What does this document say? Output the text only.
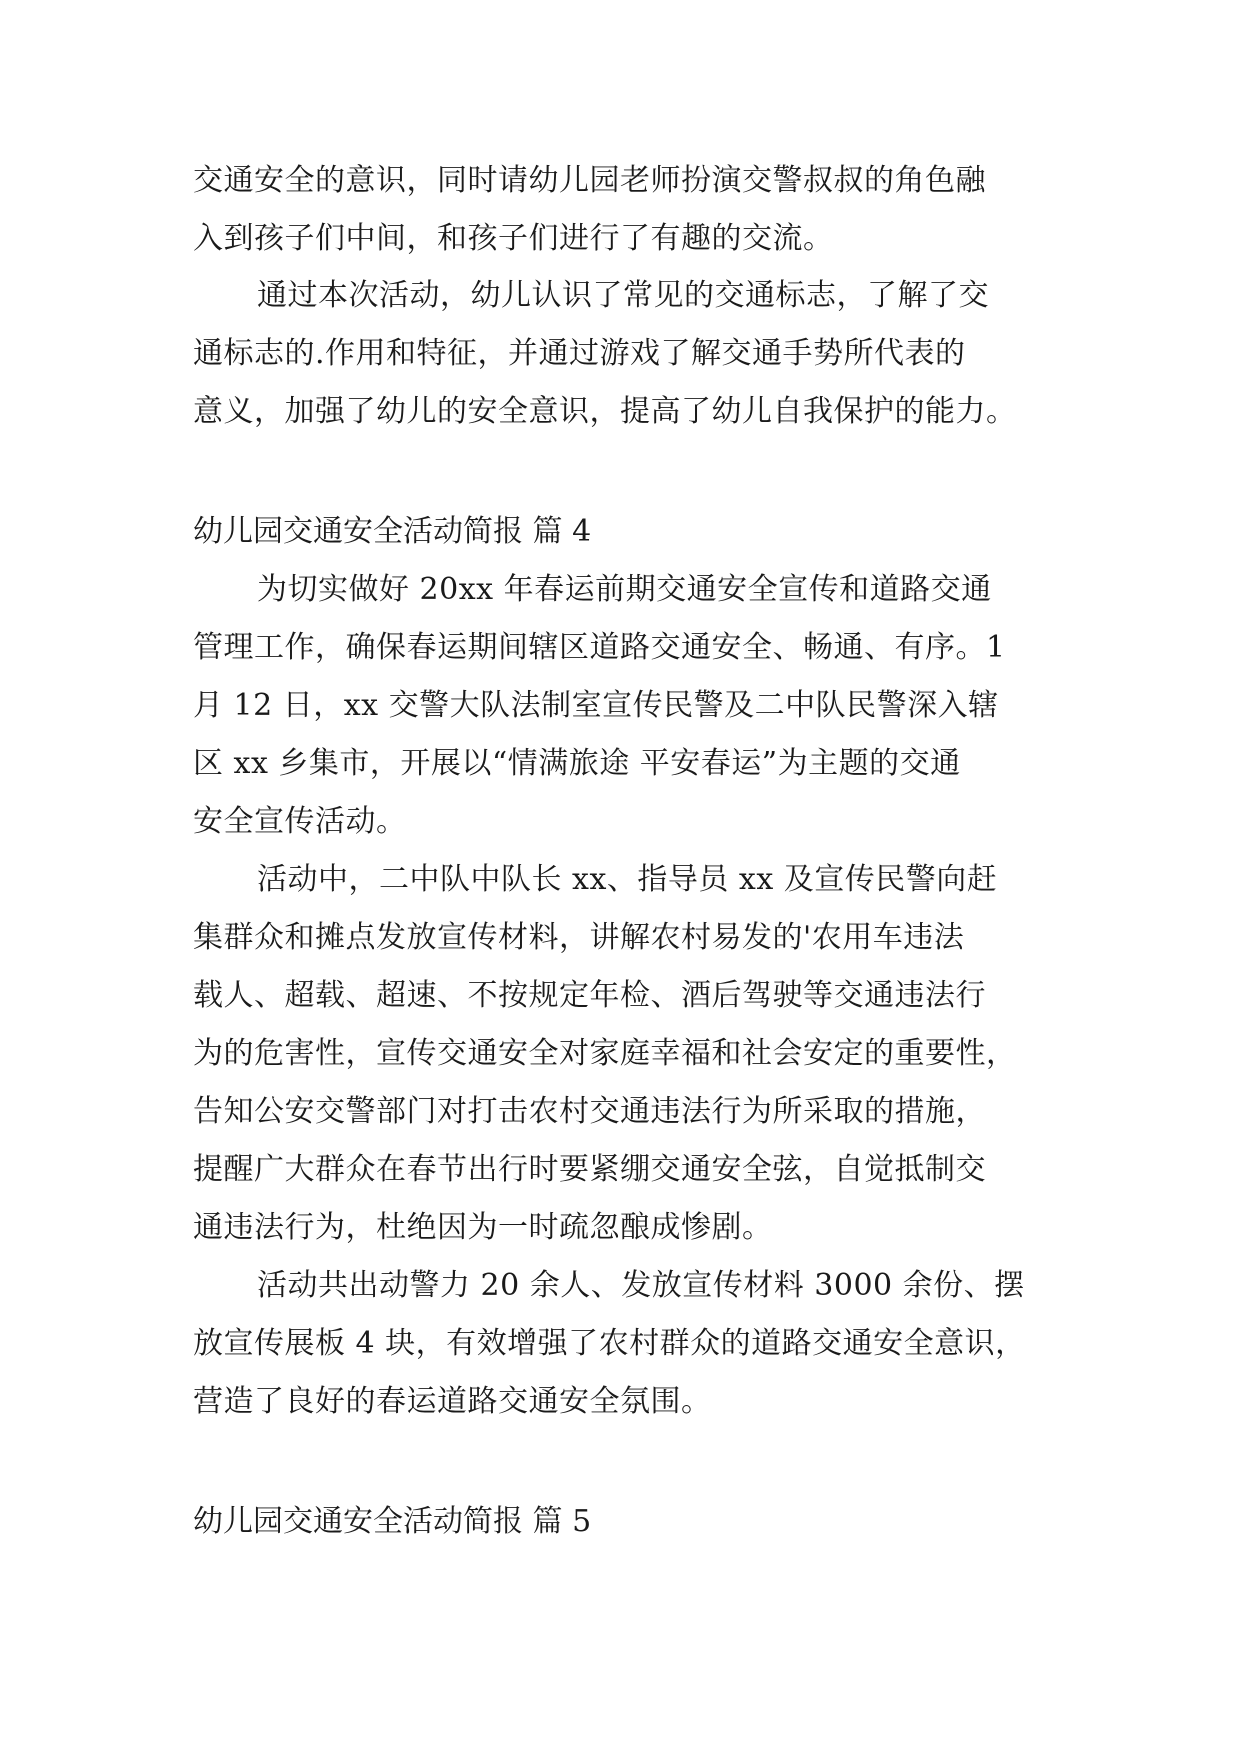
交通安全的意识，同时请幼儿园老师扮演交警叔叔的角色融
入到孩子们中间，和孩子们进行了有趣的交流。
通过本次活动，幼儿认识了常见的交通标志，了解了交
通标志的.作用和特征，并通过游戏了解交通手势所代表的
意义，加强了幼儿的安全意识，提高了幼儿自我保护的能力。
幼儿园交通安全活动简报 篇 4
为切实做好 20xx 年春运前期交通安全宣传和道路交通
管理工作，确保春运期间辖区道路交通安全、畅通、有序。1
月 12 日，xx 交警大队法制室宣传民警及二中队民警深入辖
区 xx 乡集市，开展以“情满旅途 平安春运”为主题的交通
安全宣传活动。
活动中，二中队中队长 xx、指导员 xx 及宣传民警向赶
集群众和摊点发放宣传材料，讲解农村易发的'农用车违法
载人、超载、超速、不按规定年检、酒后驾驶等交通违法行
为的危害性，宣传交通安全对家庭幸福和社会安定的重要性，
告知公安交警部门对打击农村交通违法行为所采取的措施，
提醒广大群众在春节出行时要紧绷交通安全弦，自觉抵制交
通违法行为，杜绝因为一时疏忽酿成惨剧。
活动共出动警力 20 余人、发放宣传材料 3000 余份、摆
放宣传展板 4 块，有效增强了农村群众的道路交通安全意识，
营造了良好的春运道路交通安全氛围。
幼儿园交通安全活动简报 篇 5
